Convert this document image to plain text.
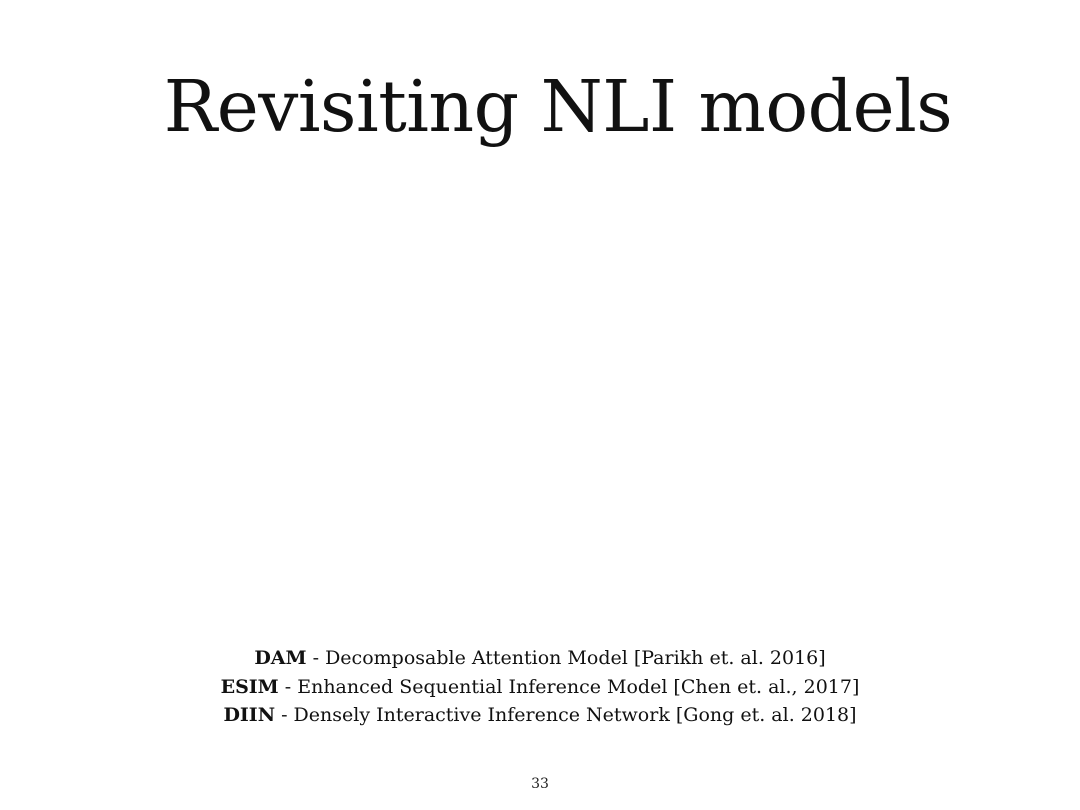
Revisiting NLI models
DAM - Decomposable Attention Model [Parikh et. al. 2016]
ESIM - Enhanced Sequential Inference Model [Chen et. al., 2017]
DIIN - Densely Interactive Inference Network [Gong et. al. 2018]
33
